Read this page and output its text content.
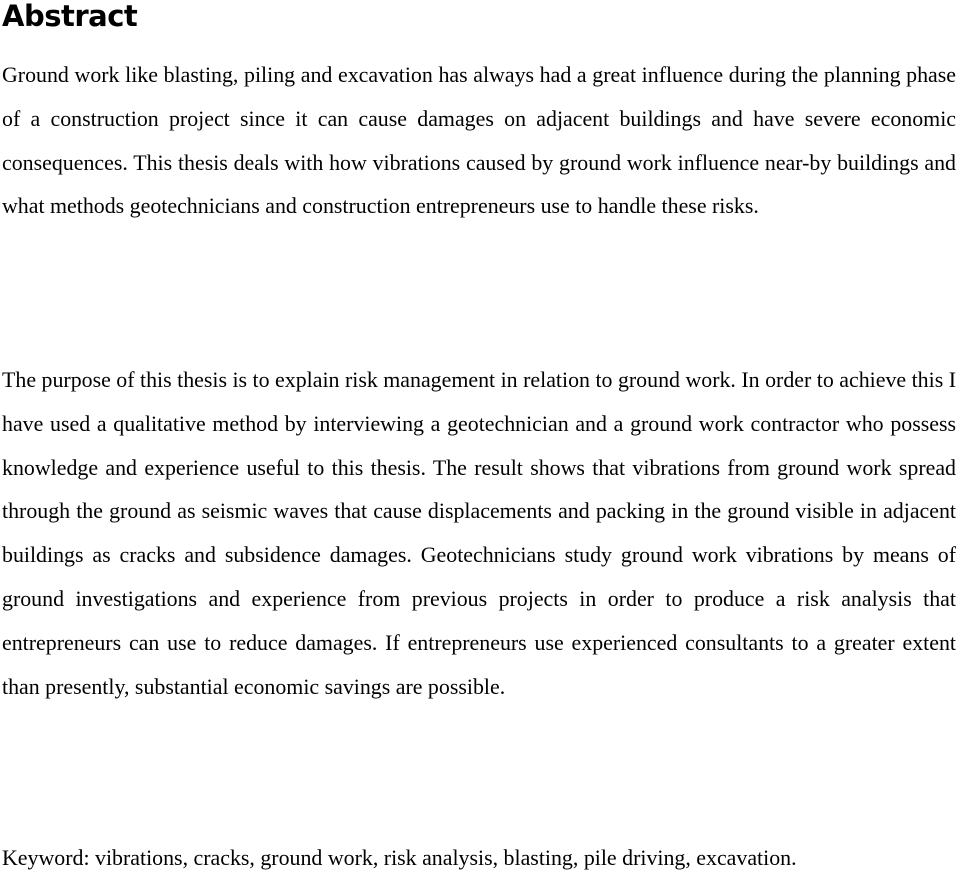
Abstract

Ground work like blasting, piling and excavation has always had a great influence during the planning phase of a construction project since it can cause damages on adjacent buildings and have severe economic consequences. This thesis deals with how vibrations caused by ground work influence near-by buildings and what methods geotechnicians and construction entrepreneurs use to handle these risks.

The purpose of this thesis is to explain risk management in relation to ground work. In order to achieve this I have used a qualitative method by interviewing a geotechnician and a ground work contractor who possess knowledge and experience useful to this thesis. The result shows that vibrations from ground work spread through the ground as seismic waves that cause displacements and packing in the ground visible in adjacent buildings as cracks and subsidence damages. Geotechnicians study ground work vibrations by means of ground investigations and experience from previous projects in order to produce a risk analysis that entrepreneurs can use to reduce damages. If entrepreneurs use experienced consultants to a greater extent than presently, substantial economic savings are possible.

Keyword: vibrations, cracks, ground work, risk analysis, blasting, pile driving, excavation.
